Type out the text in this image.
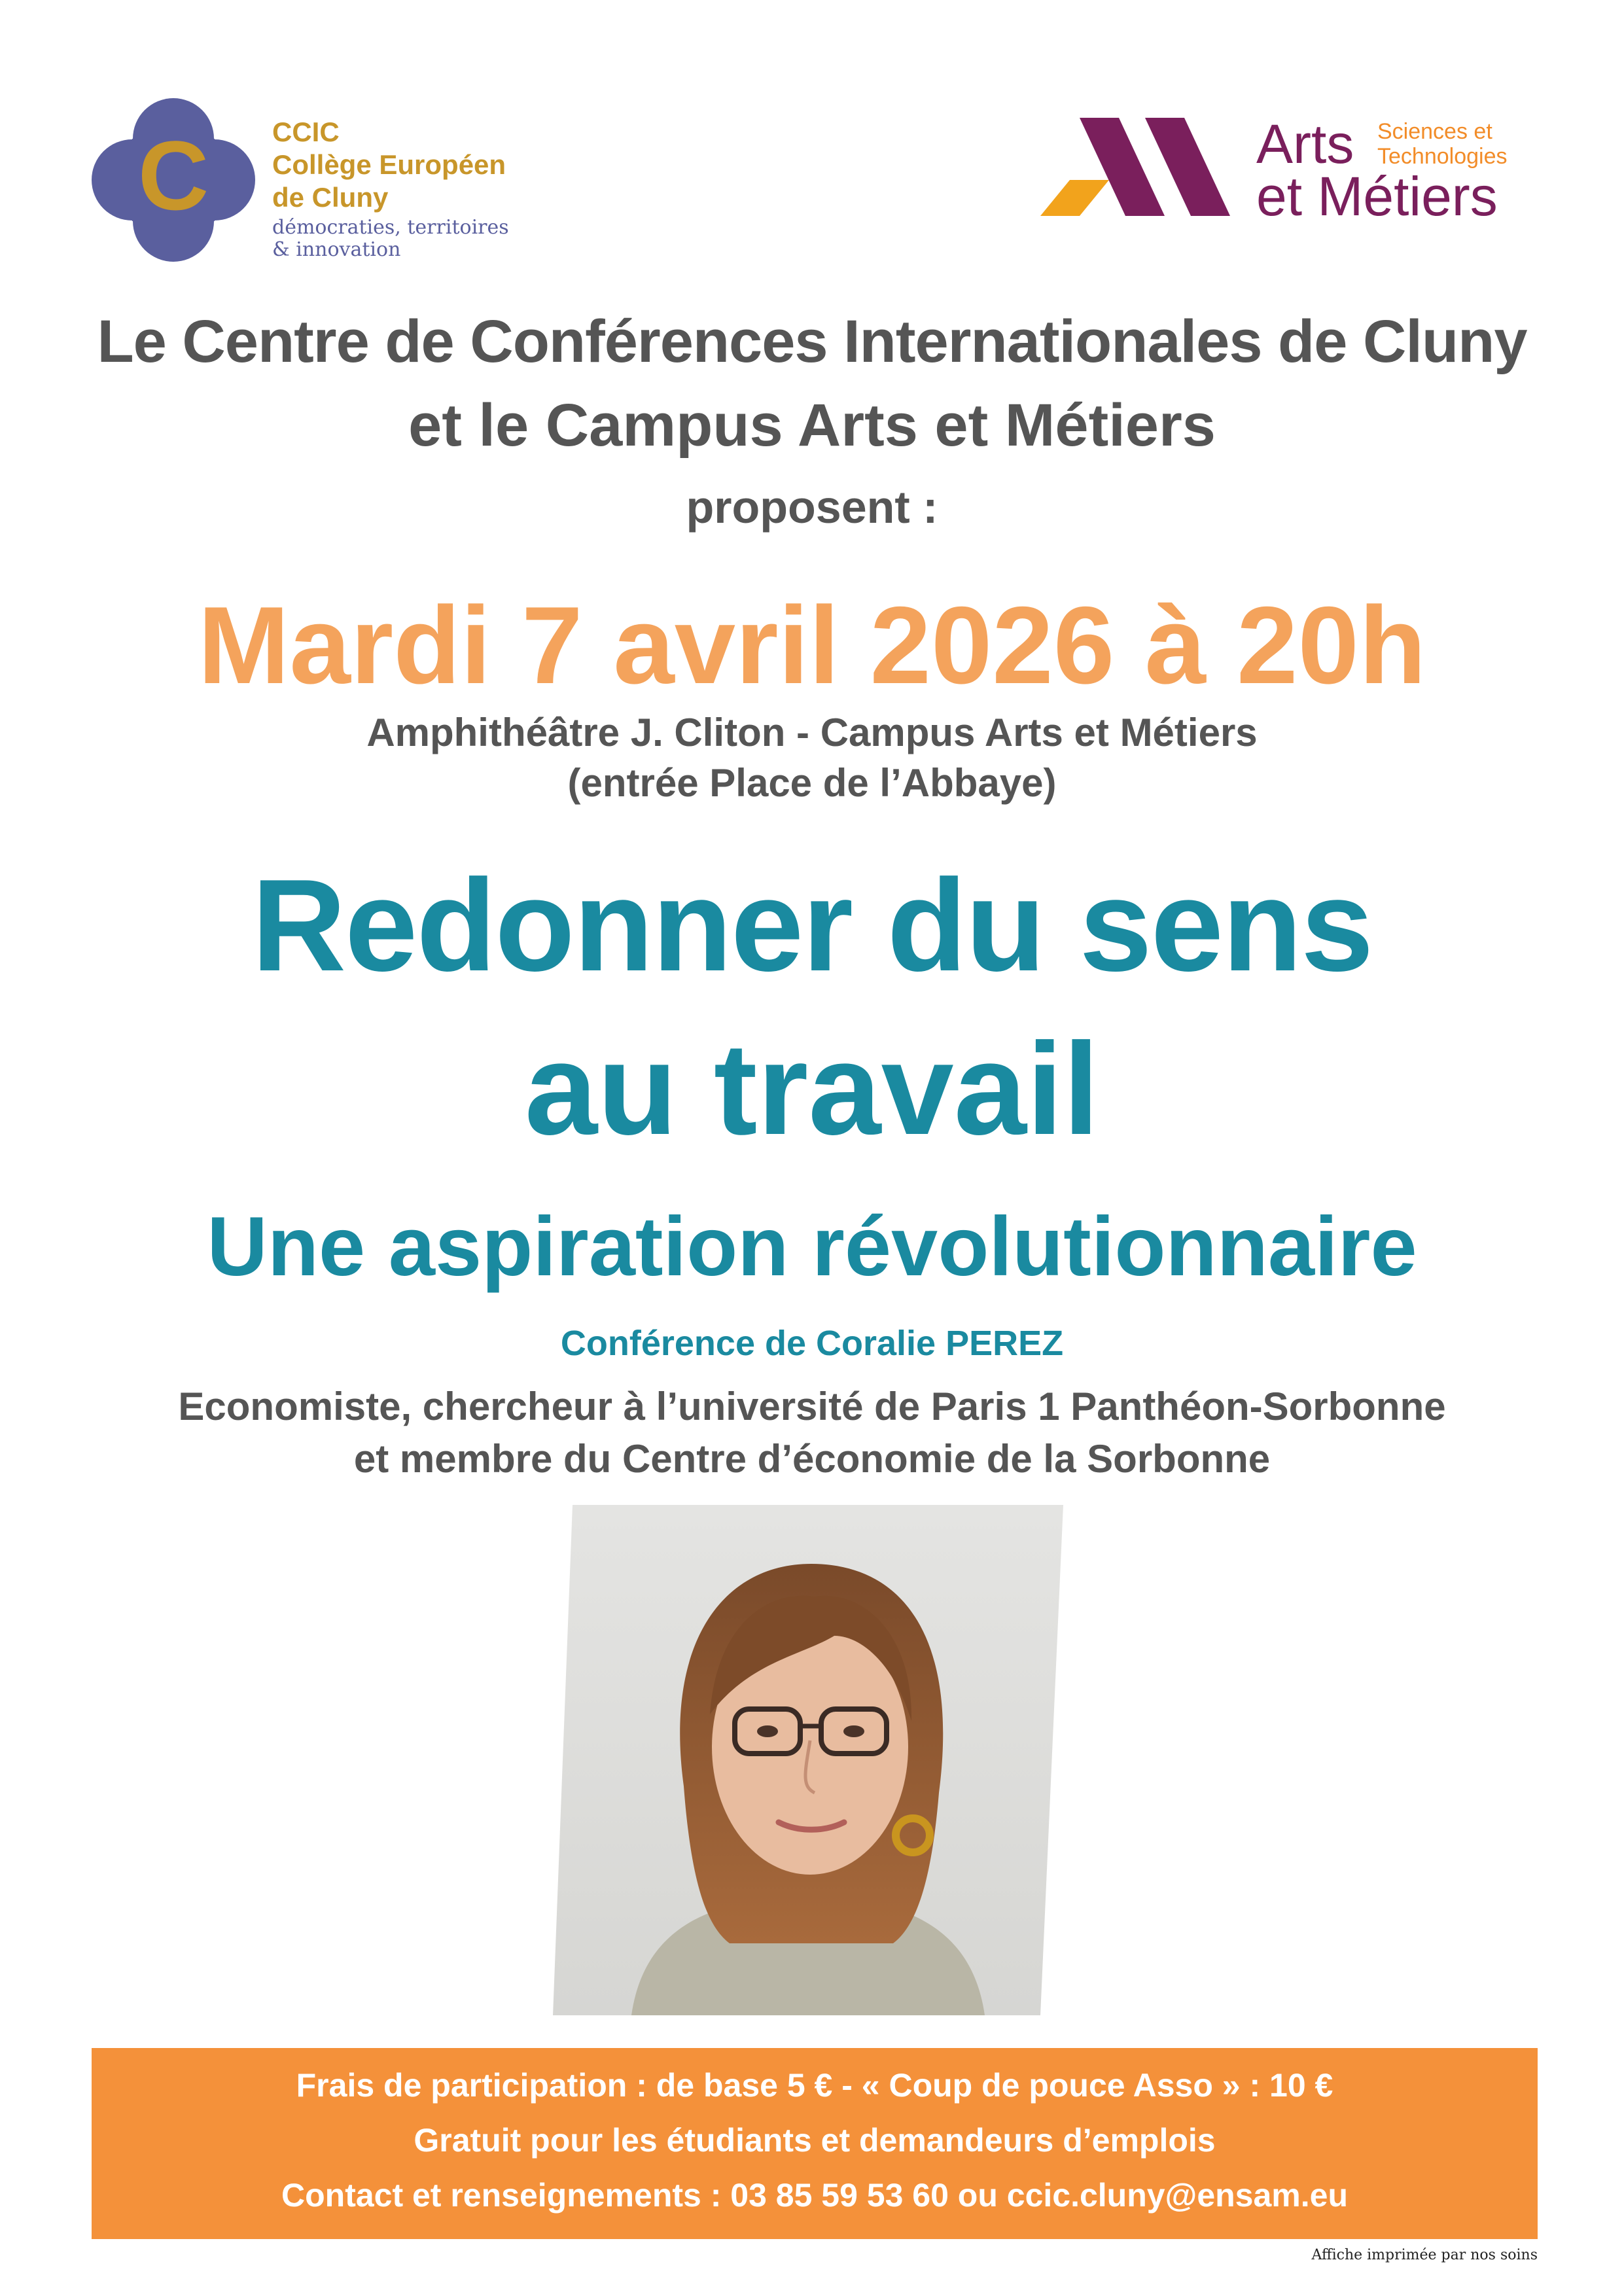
C CCIC
Collège Européen
de Cluny
démocraties, territoires
& innovation
Arts Sciences et
Technologies
et Métiers
Le Centre de Conférences Internationales de Cluny
et le Campus Arts et Métiers
proposent :
Mardi 7 avril 2026 à 20h
Amphithéâtre J. Cliton - Campus Arts et Métiers
(entrée Place de l’Abbaye)
Redonner du sens
au travail
Une aspiration révolutionnaire
Conférence de Coralie PEREZ
Economiste, chercheur à l’université de Paris 1 Panthéon-Sorbonne
et membre du Centre d’économie de la Sorbonne
Frais de participation : de base 5 € - « Coup de pouce Asso » : 10 €
Gratuit pour les étudiants et demandeurs d’emplois
Contact et renseignements : 03 85 59 53 60 ou ccic.cluny@ensam.eu
Affiche imprimée par nos soins
